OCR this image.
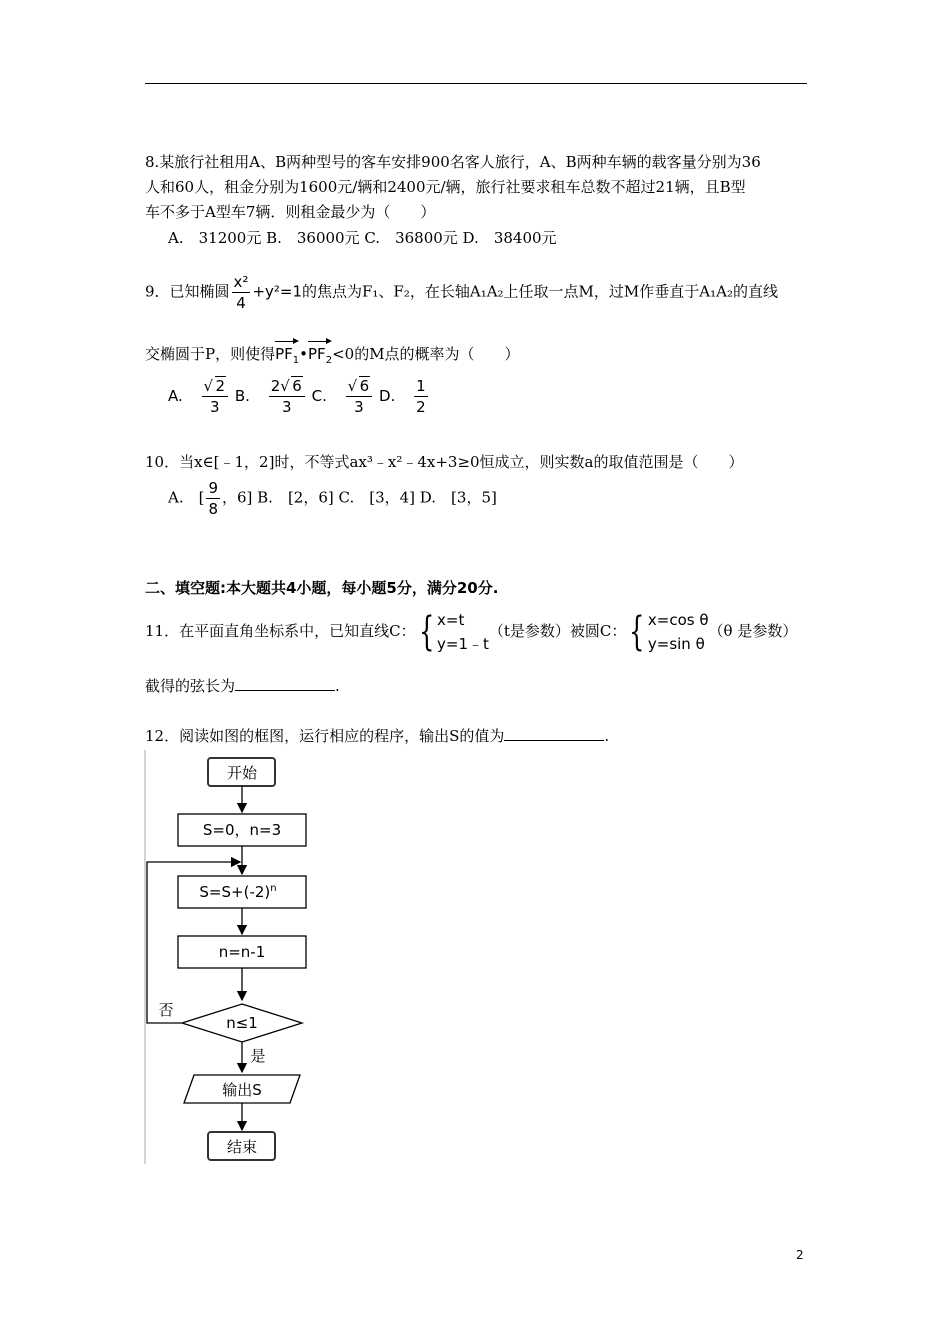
8.某旅行社租用A、B两种型号的客车安排900名客人旅行，A、B两种车辆的载客量分别为36
人和60人，租金分别为1600元/辆和2400元/辆，旅行社要求租车总数不超过21辆，且B型
车不多于A型车7辆．则租金最少为（　　）
A.　31200元 B.　36000元 C.　36800元 D.　38400元
9．已知椭圆 $\frac{\text{x²}}{4} +y^2=1$的焦点为F₁、F₂，在长轴A₁A₂上任取一点M，过M作垂直于A₁A₂的直线
交椭圆于P，则使得$PF_1•PF_2<0$的M点的概率为（　　）
A. √ $\frac{2}{3} B$. $\frac{2 √ 6}{3} C$. √ $\frac{6}{3} D$. $\frac{1}{2}$
10．当x∈[﹣1，2]时，不等式ax³﹣x²﹣4x+3≥0恒成立，则实数a的取值范围是（　　）
A.　[ $\frac{9}{8}$ ，6] B.　[2，6] C.　[3，4] D.　[3，5]
二、填空题:本大题共4小题，每小题5分，满分20分.
11．在平面直角坐标系中，已知直线C：{ x=t
y=1﹣t
（t是参数）被圆C：{ x=cos θ
y=sin θ
（θ 是参数）
截得的弦长为	.
12．阅读如图的框图，运行相应的程序，输出S的值为	.
开始
S=0，n=3
$S=S+(-2)^n$
n=n-1
n≤1
否
是
输出S
结束
2
